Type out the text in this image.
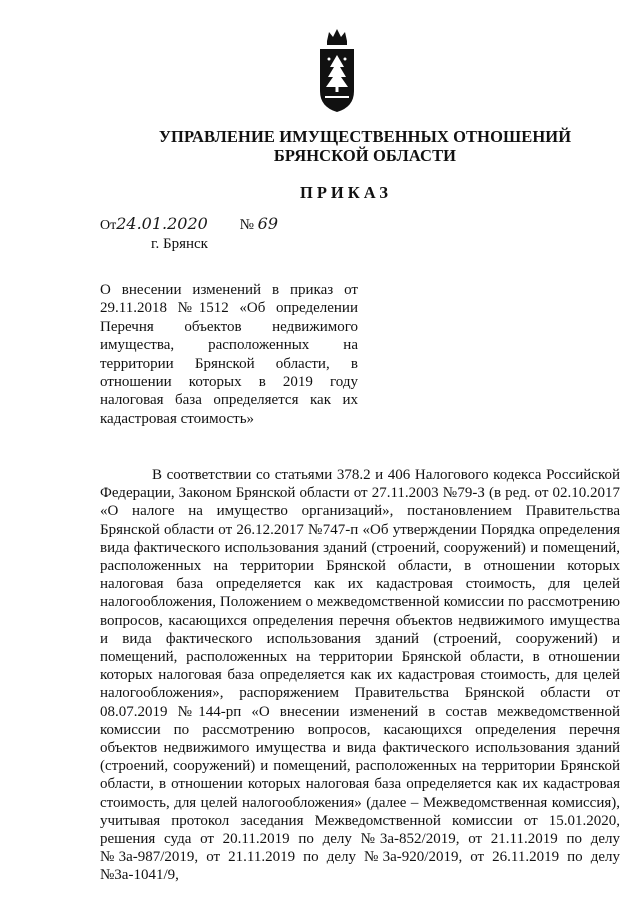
УПРАВЛЕНИЕ ИМУЩЕСТВЕННЫХ ОТНОШЕНИЙ
БРЯНСКОЙ ОБЛАСТИ
ПРИКАЗ
От24.01.2020 № 69
г. Брянск
О внесении изменений в приказ от 29.11.2018 №1512 «Об определении Перечня объектов недвижимого имущества, расположенных на территории Брянской области, в отношении которых в 2019 году налоговая база определяется как их кадастровая стоимость»
В соответствии со статьями 378.2 и 406 Налогового кодекса Российской Федерации, Законом Брянской области от 27.11.2003 №79-З (в ред. от 02.10.2017 «О налоге на имущество организаций», постановлением Правительства Брянской области от 26.12.2017 №747-п «Об утверждении Порядка определения вида фактического использования зданий (строений, сооружений) и помещений, расположенных на территории Брянской области, в отношении которых налоговая база определяется как их кадастровая стоимость, для целей налогообложения, Положением о межведомственной комиссии по рассмотрению вопросов, касающихся определения перечня объектов недвижимого имущества и вида фактического использования зданий (строений, сооружений) и помещений, расположенных на территории Брянской области, в отношении которых налоговая база определяется как их кадастровая стоимость, для целей налогообложения», распоряжением Правительства Брянской области от 08.07.2019 №144-рп «О внесении изменений в состав межведомственной комиссии по рассмотрению вопросов, касающихся определения перечня объектов недвижимого имущества и вида фактического использования зданий (строений, сооружений) и помещений, расположенных на территории Брянской области, в отношении которых налоговая база определяется как их кадастровая стоимость, для целей налогообложения» (далее – Межведомственная комиссия), учитывая протокол заседания Межведомственной комиссии от 15.01.2020, решения суда от 20.11.2019 по делу №3а-852/2019, от 21.11.2019 по делу №3а-987/2019, от 21.11.2019 по делу №3а-920/2019, от 26.11.2019 по делу №3а-1041/9,
